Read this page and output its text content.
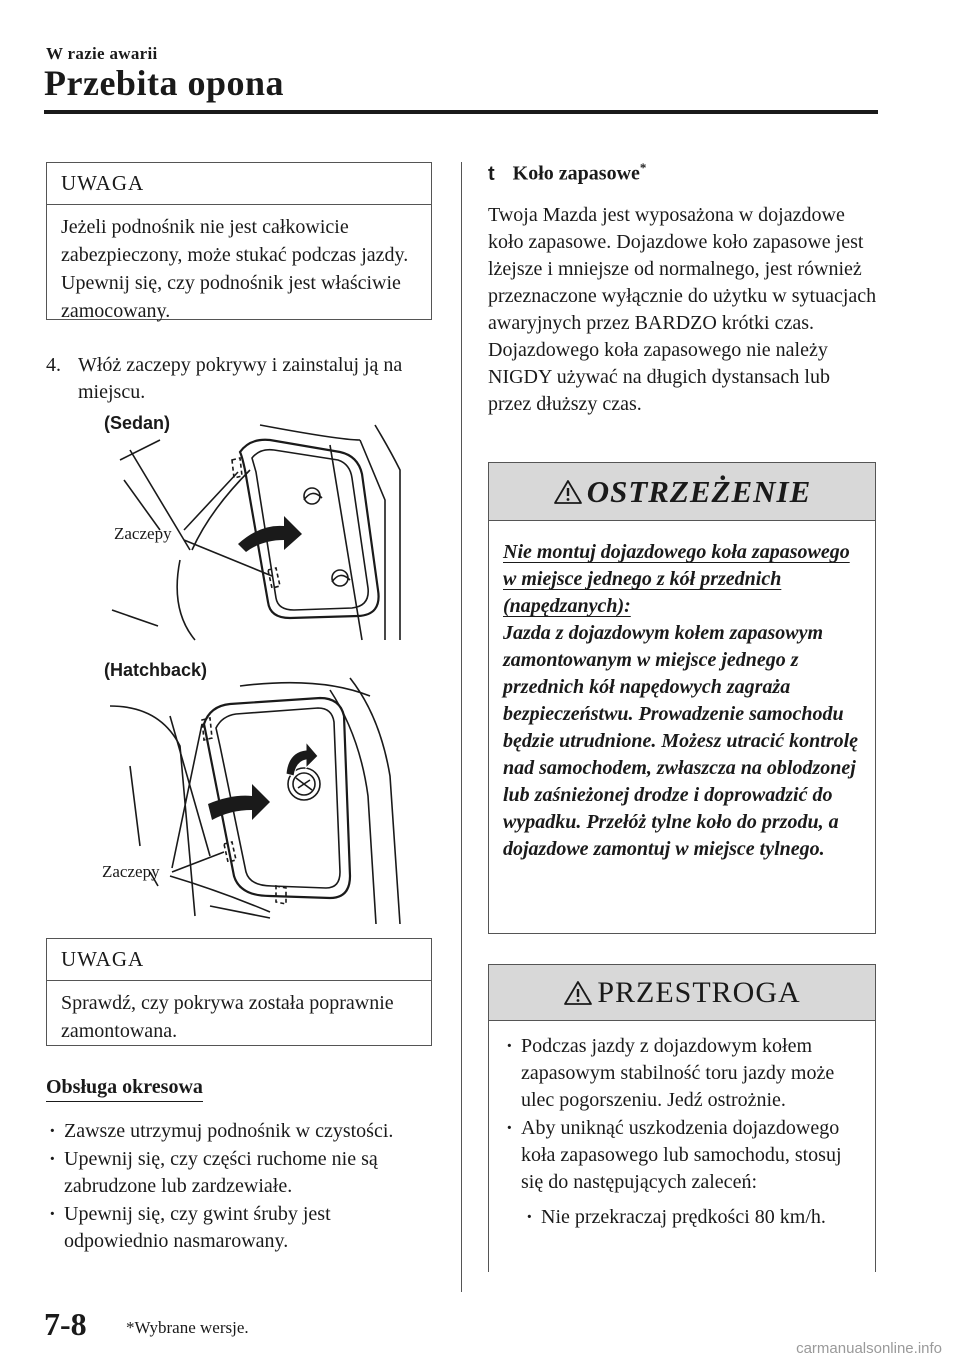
W razie awarii
Przebita opona
UWAGA
Jeżeli podnośnik nie jest całkowicie zabezpieczony, może stukać podczas jazdy. Upewnij się, czy podnośnik jest właściwie zamocowany.
4. Włóż zaczepy pokrywy i zainstaluj ją na miejscu.
(Sedan)
Zaczepy
(Hatchback)
Zaczepy
UWAGA
Sprawdź, czy pokrywa została poprawnie zamontowana.
Obsługa okresowa
· Zawsze utrzymuj podnośnik w czystości.
· Upewnij się, czy części ruchome nie są zabrudzone lub zardzewiałe.
· Upewnij się, czy gwint śruby jest odpowiednio nasmarowany.
t Koło zapasowe*
Twoja Mazda jest wyposażona w dojazdowe koło zapasowe. Dojazdowe koło zapasowe jest lżejsze i mniejsze od normalnego, jest również przeznaczone wyłącznie do użytku w sytuacjach awaryjnych przez BARDZO krótki czas. Dojazdowego koła zapasowego nie należy NIGDY używać na długich dystansach lub przez dłuższy czas.
OSTRZEŻENIE
Nie montuj dojazdowego koła zapasowego w miejsce jednego z kół przednich (napędzanych):
Jazda z dojazdowym kołem zapasowym zamontowanym w miejsce jednego z przednich kół napędowych zagraża bezpieczeństwu. Prowadzenie samochodu będzie utrudnione. Możesz utracić kontrolę nad samochodem, zwłaszcza na oblodzonej lub zaśnieżonej drodze i doprowadzić do wypadku. Przełóż tylne koło do przodu, a dojazdowe zamontuj w miejsce tylnego.
PRZESTROGA
· Podczas jazdy z dojazdowym kołem zapasowym stabilność toru jazdy może ulec pogorszeniu. Jedź ostrożnie.
· Aby uniknąć uszkodzenia dojazdowego koła zapasowego lub samochodu, stosuj się do następujących zaleceń:
· Nie przekraczaj prędkości 80 km/h.
7-8 *Wybrane wersje.
carmanualsonline.info
